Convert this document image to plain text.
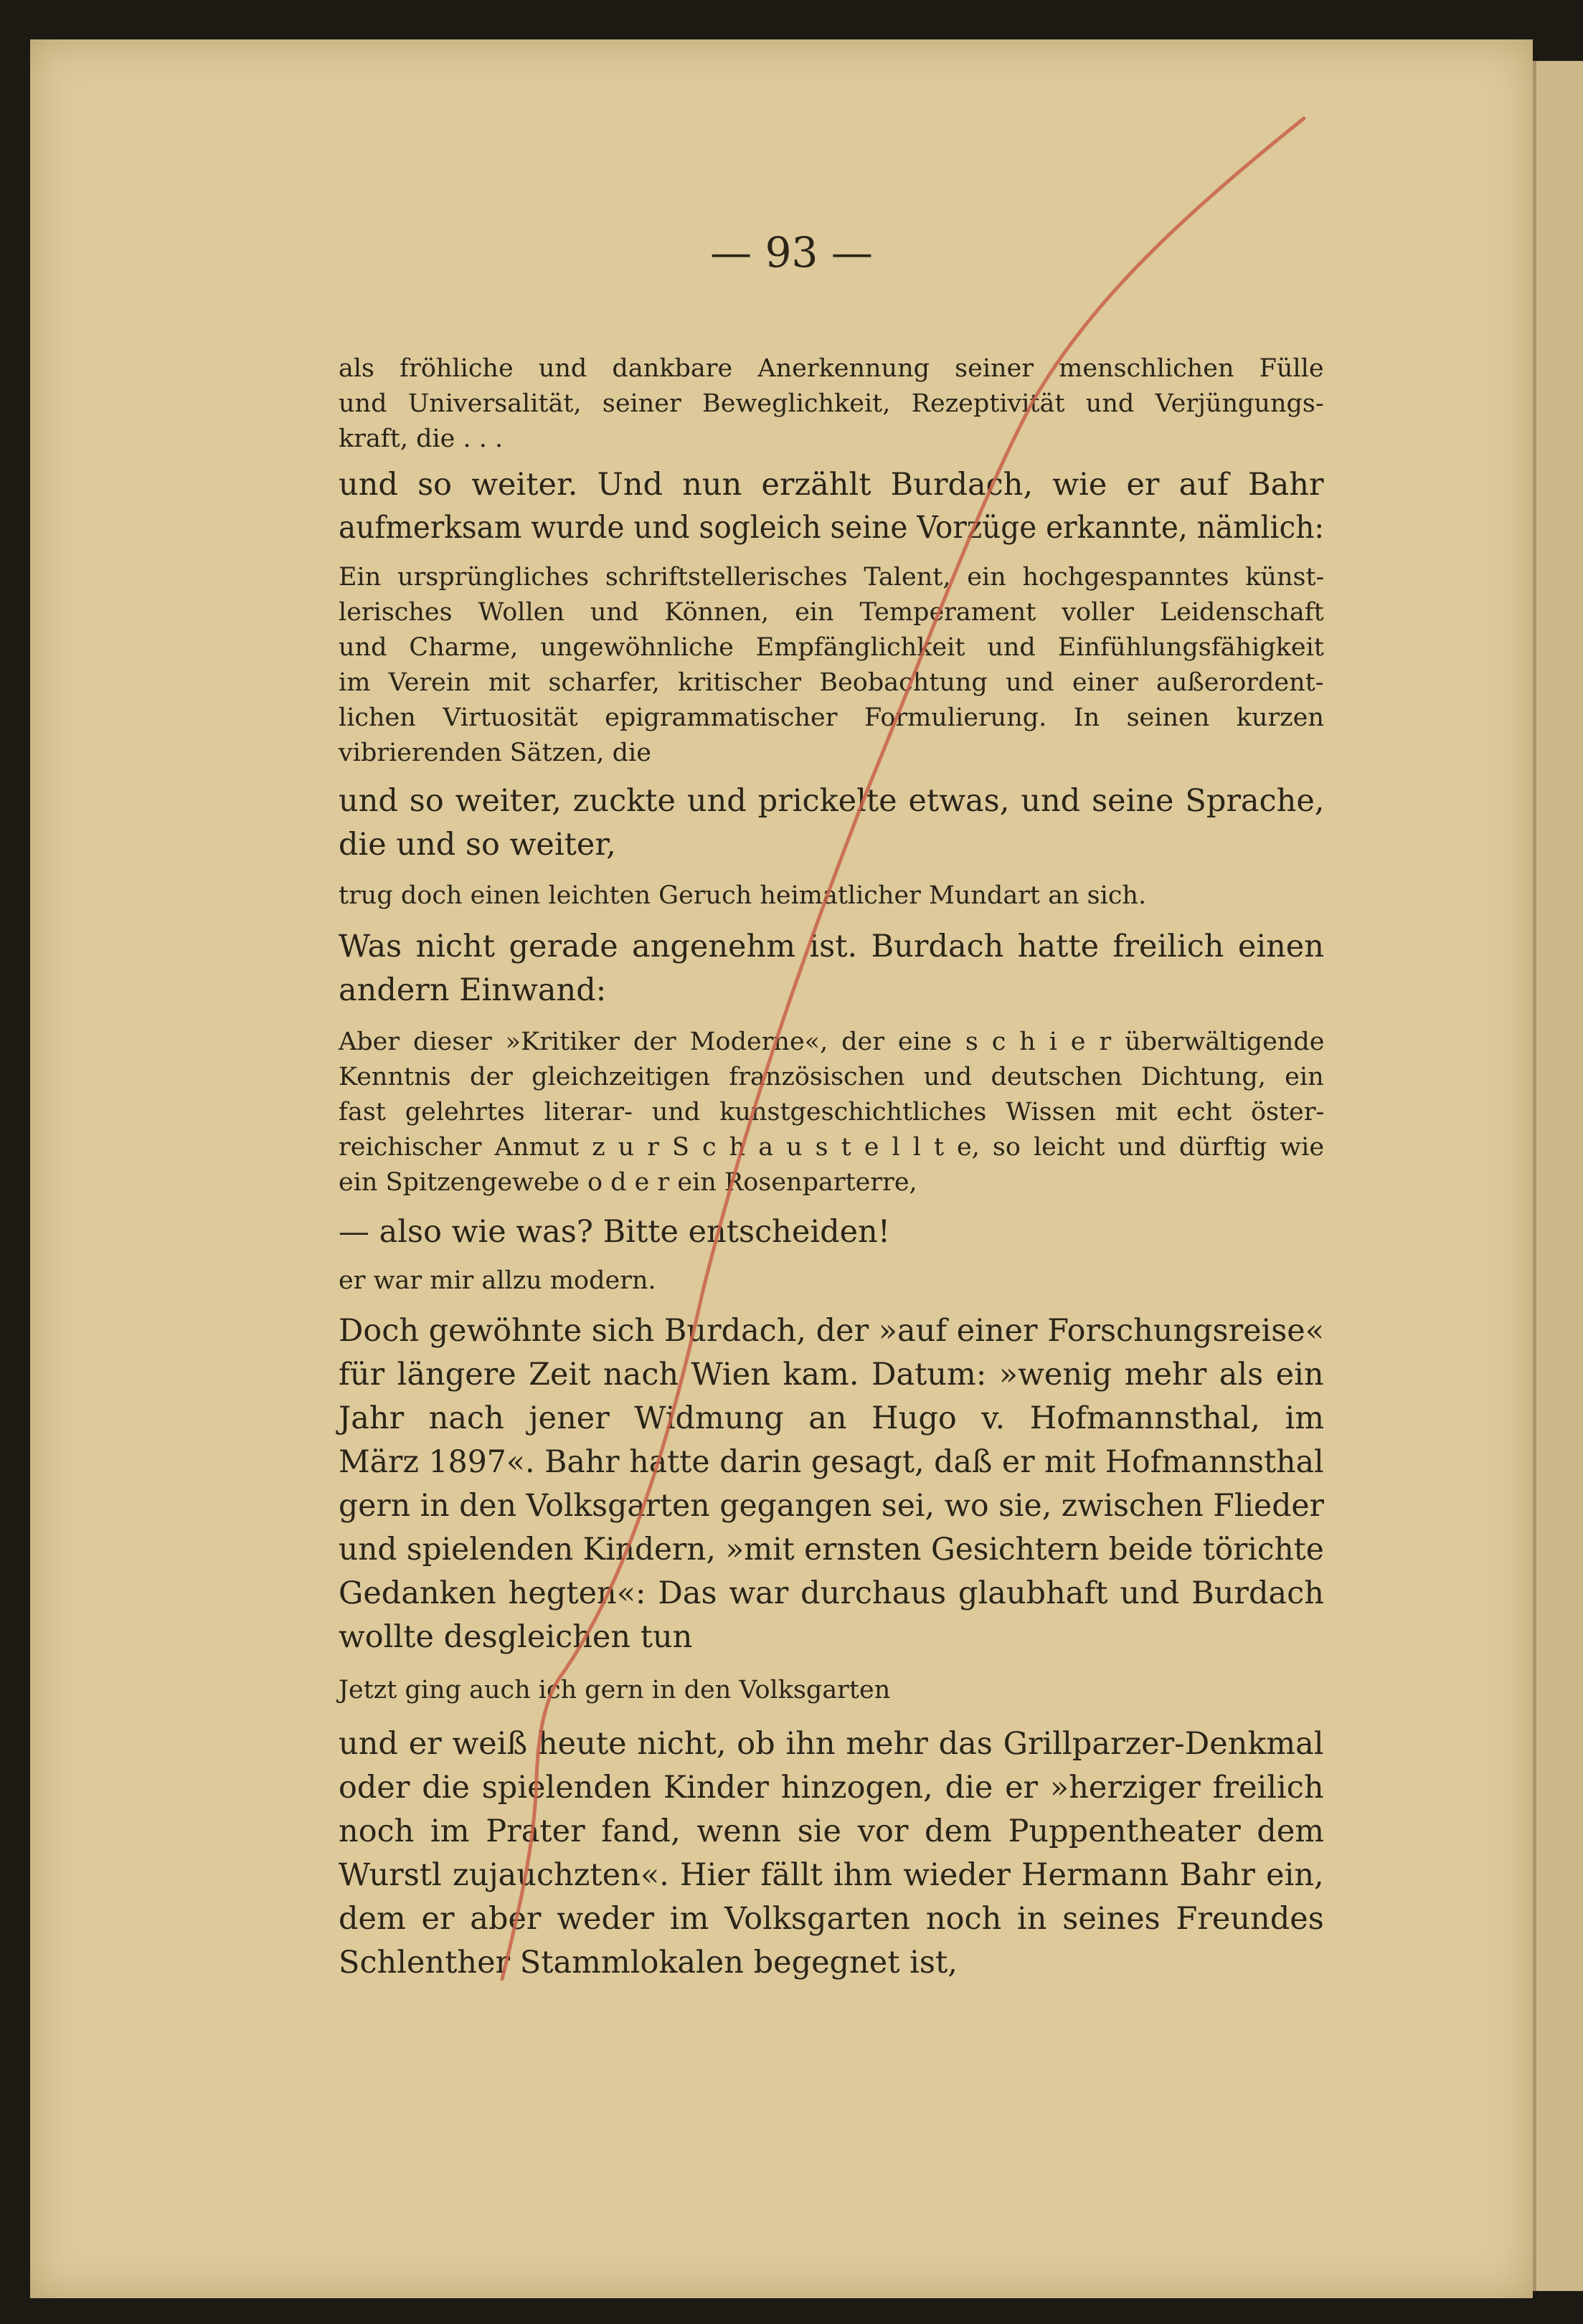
— 93 —
als fröhliche und dankbare Anerkennung seiner menschlichen Fülle
und Universalität, seiner Beweglichkeit, Rezeptivität und Verjüngungs-
kraft, die . . .
und so weiter. Und nun erzählt Burdach, wie er auf Bahr
aufmerksam wurde und sogleich seine Vorzüge erkannte, nämlich:
Ein ursprüngliches schriftstellerisches Talent, ein hochgespanntes künst-
lerisches Wollen und Können, ein Temperament voller Leidenschaft
und Charme, ungewöhnliche Empfänglichkeit und Einfühlungsfähigkeit
im Verein mit scharfer, kritischer Beobachtung und einer außerordent-
lichen Virtuosität epigrammatischer Formulierung. In seinen kurzen
vibrierenden Sätzen, die
und so weiter, zuckte und prickelte etwas, und seine Sprache,
die und so weiter,
trug doch einen leichten Geruch heimatlicher Mundart an sich.
Was nicht gerade angenehm ist. Burdach hatte freilich einen
andern Einwand:
Aber dieser »Kritiker der Moderne«, der eine s c h i e r überwältigende
Kenntnis der gleichzeitigen französischen und deutschen Dichtung, ein
fast gelehrtes literar- und kunstgeschichtliches Wissen mit echt öster-
reichischer Anmut z u r S c h a u s t e l l t e, so leicht und dürftig wie
ein Spitzengewebe o d e r ein Rosenparterre,
— also wie was? Bitte entscheiden!
er war mir allzu modern.
Doch gewöhnte sich Burdach, der »auf einer Forschungsreise«
für längere Zeit nach Wien kam. Datum: »wenig mehr als ein
Jahr nach jener Widmung an Hugo v. Hofmannsthal, im
März 1897«. Bahr hatte darin gesagt, daß er mit Hofmannsthal
gern in den Volksgarten gegangen sei, wo sie, zwischen Flieder
und spielenden Kindern, »mit ernsten Gesichtern beide törichte
Gedanken hegten«: Das war durchaus glaubhaft und Burdach
wollte desgleichen tun
Jetzt ging auch ich gern in den Volksgarten
und er weiß heute nicht, ob ihn mehr das Grillparzer-Denkmal
oder die spielenden Kinder hinzogen, die er »herziger freilich
noch im Prater fand, wenn sie vor dem Puppentheater dem
Wurstl zujauchzten«. Hier fällt ihm wieder Hermann Bahr ein,
dem er aber weder im Volksgarten noch in seines Freundes
Schlenther Stammlokalen begegnet ist,
